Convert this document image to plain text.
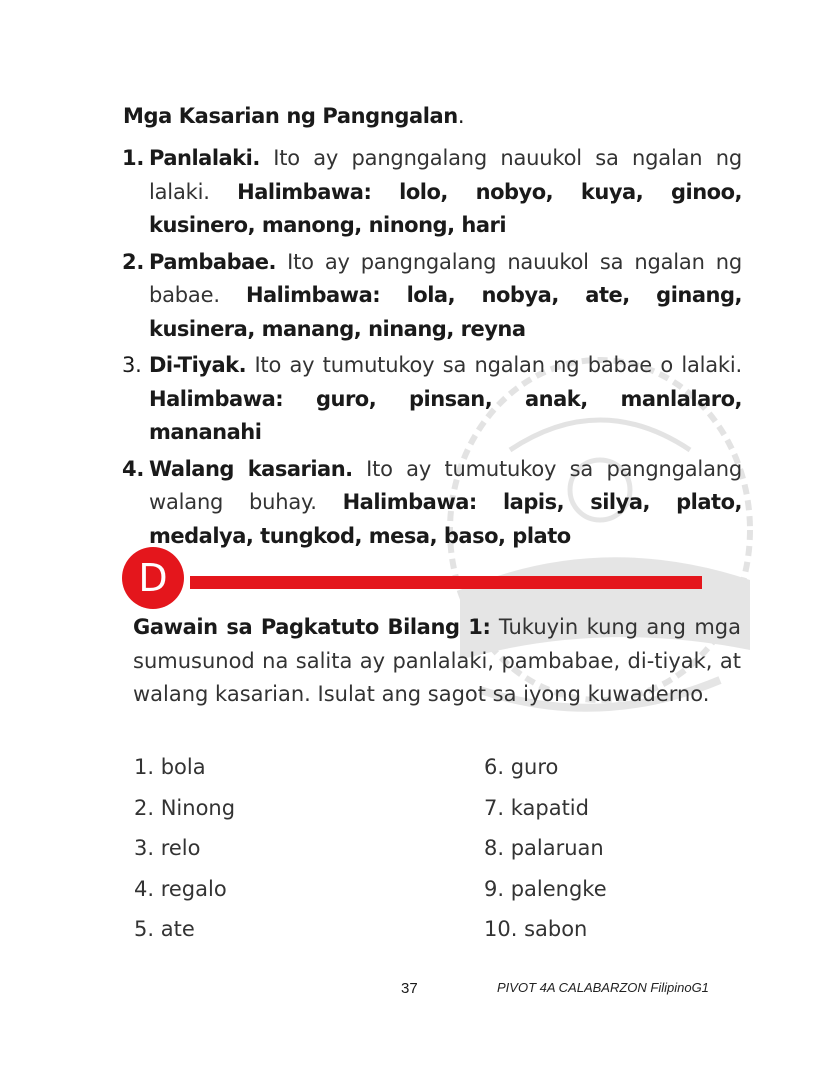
Mga Kasarian ng Pangngalan.
1. Panlalaki. Ito ay pangngalang nauukol sa ngalan ng lalaki. Halimbawa: lolo, nobyo, kuya, ginoo, kusinero, manong, ninong, hari
2. Pambabae. Ito ay pangngalang nauukol sa ngalan ng babae. Halimbawa: lola, nobya, ate, ginang, kusinera, manang, ninang, reyna
3. Di-Tiyak. Ito ay tumutukoy sa ngalan ng babae o lalaki. Halimbawa: guro, pinsan, anak, manlalaro, mananahi
4. Walang kasarian. Ito ay tumutukoy sa pangngalang walang buhay. Halimbawa: lapis, silya, plato, medalya, tungkod, mesa, baso, plato
D
Gawain sa Pagkatuto Bilang 1: Tukuyin kung ang mga sumusunod na salita ay panlalaki, pambabae, di-tiyak, at walang kasarian. Isulat ang sagot sa iyong kuwaderno.
1. bola
2. Ninong
3. relo
4. regalo
5. ate
6. guro
7. kapatid
8. palaruan
9. palengke
10. sabon
37	PIVOT 4A CALABARZON FilipinoG1
